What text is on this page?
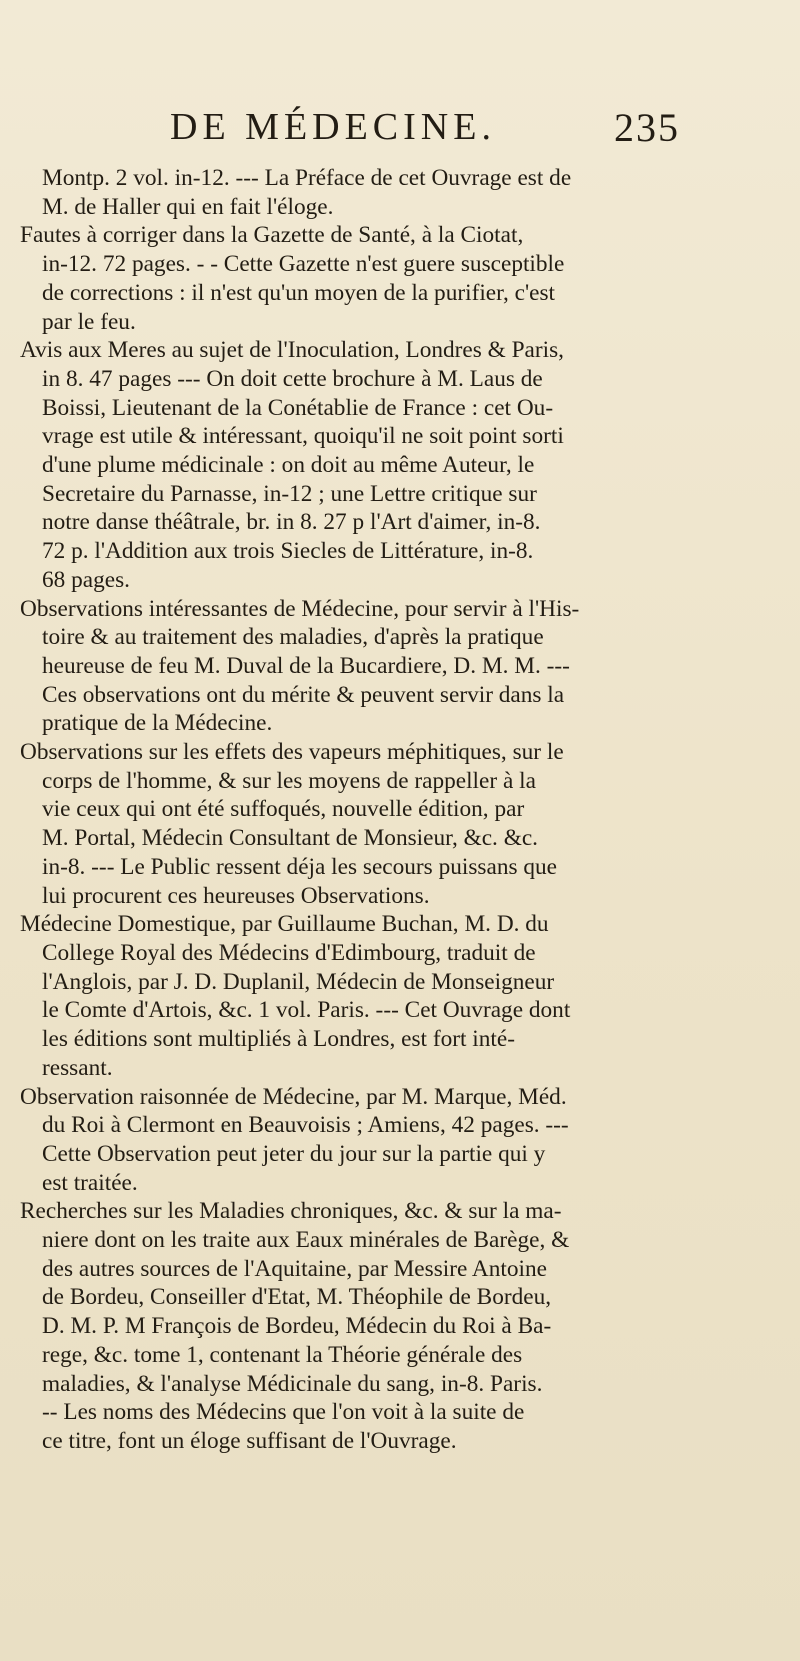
DE MÉDECINE.	235

Montp. 2 vol. in-12. --- La Préface de cet Ouvrage est de
M. de Haller qui en fait l'éloge.

Fautes à corriger dans la Gazette de Santé, à la Ciotat,
in-12. 72 pages. - - Cette Gazette n'est guere susceptible
de corrections : il n'est qu'un moyen de la purifier, c'est
par le feu.

Avis aux Meres au sujet de l'Inoculation, Londres & Paris,
in 8. 47 pages --- On doit cette brochure à M. Laus de
Boissi, Lieutenant de la Conétablie de France : cet Ou-
vrage est utile & intéressant, quoiqu'il ne soit point sorti
d'une plume médicinale : on doit au même Auteur, le
Secretaire du Parnasse, in-12 ; une Lettre critique sur
notre danse théâtrale, br. in 8. 27 p l'Art d'aimer, in-8.
72 p. l'Addition aux trois Siecles de Littérature, in-8.
68 pages.

Observations intéressantes de Médecine, pour servir à l'His-
toire & au traitement des maladies, d'après la pratique
heureuse de feu M. Duval de la Bucardiere, D. M. M. ---
Ces observations ont du mérite & peuvent servir dans la
pratique de la Médecine.

Observations sur les effets des vapeurs méphitiques, sur le
corps de l'homme, & sur les moyens de rappeller à la
vie ceux qui ont été suffoqués, nouvelle édition, par
M. Portal, Médecin Consultant de Monsieur, &c. &c.
in-8. --- Le Public ressent déja les secours puissans que
lui procurent ces heureuses Observations.

Médecine Domestique, par Guillaume Buchan, M. D. du
College Royal des Médecins d'Edimbourg, traduit de
l'Anglois, par J. D. Duplanil, Médecin de Monseigneur
le Comte d'Artois, &c. 1 vol. Paris. --- Cet Ouvrage dont
les éditions sont multipliés à Londres, est fort inté-
ressant.

Observation raisonnée de Médecine, par M. Marque, Méd.
du Roi à Clermont en Beauvoisis ; Amiens, 42 pages. ---
Cette Observation peut jeter du jour sur la partie qui y
est traitée.

Recherches sur les Maladies chroniques, &c. & sur la ma-
niere dont on les traite aux Eaux minérales de Barège, &
des autres sources de l'Aquitaine, par Messire Antoine
de Bordeu, Conseiller d'Etat, M. Théophile de Bordeu,
D. M. P. M François de Bordeu, Médecin du Roi à Ba-
rege, &c. tome 1, contenant la Théorie générale des
maladies, & l'analyse Médicinale du sang, in-8. Paris.
-- Les noms des Médecins que l'on voit à la suite de
ce titre, font un éloge suffisant de l'Ouvrage.
